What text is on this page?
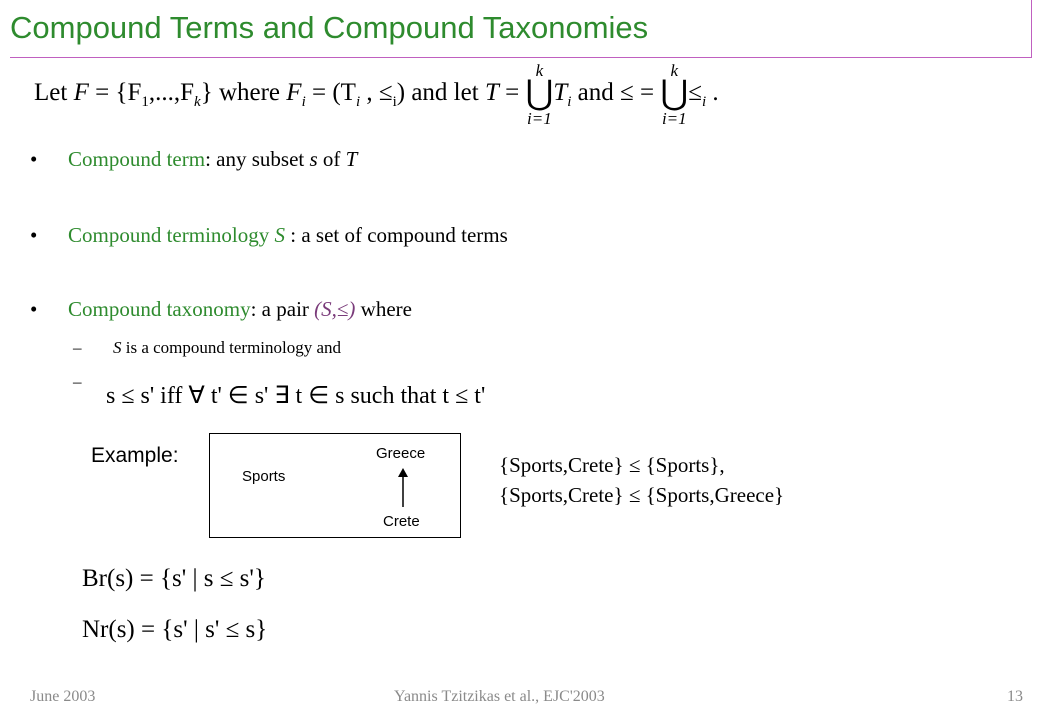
Compound Terms and Compound Taxonomies
Let $F = \{F_1,...,F_k\}$ where $F_i = (T_i$ , $\le_i$) and let T =
k
⋃
i=1
$T_i$ and ≤ =
k
⋃
i=1
$\le_i$ .
• Compound term: any subset s of T
• Compound terminology S : a set of compound terms
• Compound taxonomy: a pair (S,≤) where
– S is a compound terminology and
–
s ≤ s' iff ∀ t' ∈ s' ∃ t ∈ s such that t ≤ t'
Example:
Sports
Greece
Crete
{Sports,Crete} ≤ {Sports},
{Sports,Crete} ≤ {Sports,Greece}
Br(s) = {s' | s ≤ s'}
Nr(s) = {s' | s' ≤ s}
June 2003	Yannis Tzitzikas et al., EJC'2003	13
